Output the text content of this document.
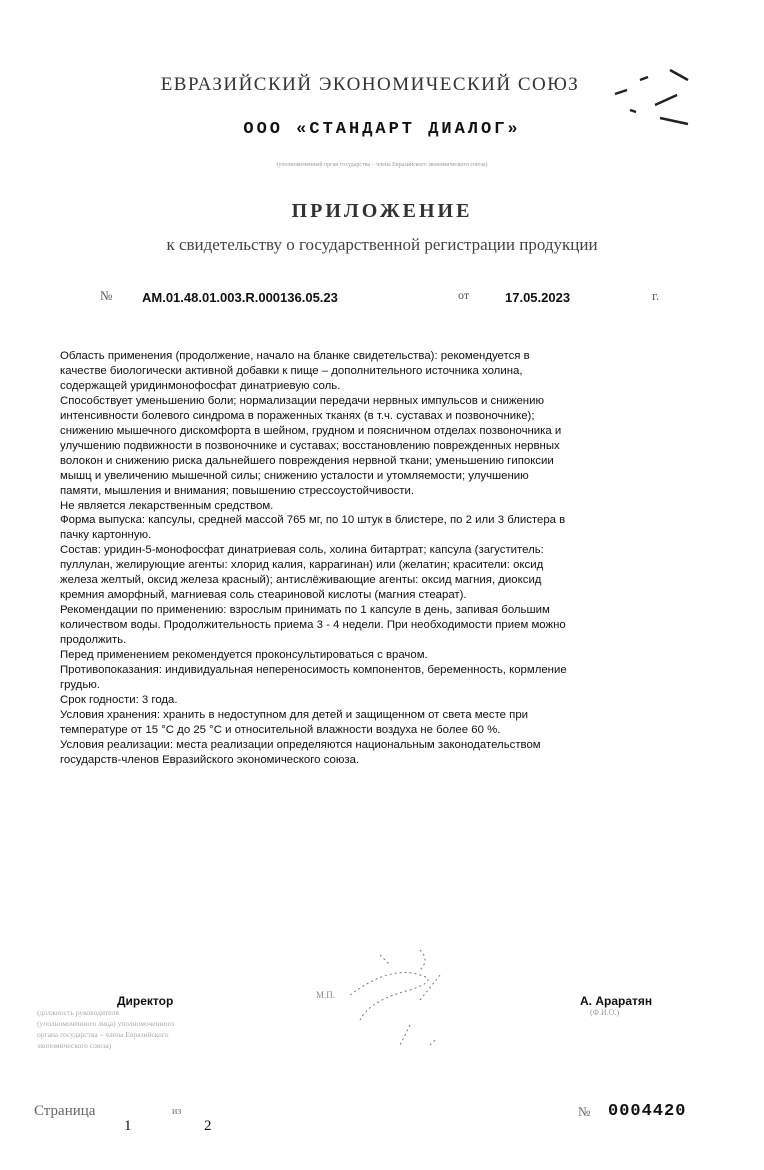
ЕВРАЗИЙСКИЙ ЭКОНОМИЧЕСКИЙ СОЮЗ
ООО «СТАНДАРТ ДИАЛОГ»
(уполномоченный орган государства – члена Евразийского экономического союза)
ПРИЛОЖЕНИЕ
к свидетельству о государственной регистрации продукции
№ AM.01.48.01.003.R.000136.05.23	от	17.05.2023	г.
Область применения (продолжение, начало на бланке свидетельства): рекомендуется в
качестве биологически активной добавки к пище – дополнительного источника холина,
содержащей уридинмонофосфат динатриевую соль.
Способствует уменьшению боли; нормализации передачи нервных импульсов и снижению
интенсивности болевого синдрома в пораженных тканях (в т.ч. суставах и позвоночнике);
снижению мышечного дискомфорта в шейном, грудном и поясничном отделах позвоночника и
улучшению подвижности в позвоночнике и суставах; восстановлению поврежденных нервных
волокон и снижению риска дальнейшего повреждения нервной ткани; уменьшению гипоксии
мышц и увеличению мышечной силы; снижению усталости и утомляемости; улучшению
памяти, мышления и внимания; повышению стрессоустойчивости.
Не является лекарственным средством.
Форма выпуска: капсулы, средней массой 765 мг, по 10 штук в блистере, по 2 или 3 блистера в
пачку картонную.
Состав: уридин-5-монофосфат динатриевая соль, холина битартрат; капсула (загуститель:
пуллулан, желирующие агенты: хлорид калия, каррагинан) или (желатин; красители: оксид
железа желтый, оксид железа красный); антислёживающие агенты: оксид магния, диоксид
кремния аморфный, магниевая соль стеариновой кислоты (магния стеарат).
Рекомендации по применению: взрослым принимать по 1 капсуле в день, запивая большим
количеством воды. Продолжительность приема 3 - 4 недели. При необходимости прием можно
продолжить.
Перед применением рекомендуется проконсультироваться с врачом.
Противопоказания: индивидуальная непереносимость компонентов, беременность, кормление
грудью.
Срок годности: 3 года.
Условия хранения: хранить в недоступном для детей и защищенном от света месте при
температуре от 15 °C до 25 °C и относительной влажности воздуха не более 60 %.
Условия реализации: места реализации определяются национальным законодательством
государств-членов Евразийского экономического союза.
Директор
(должность руководителя
(уполномоченного лица) уполномоченного
органа государства – члена Евразийского
экономического союза)
М.П.	А. Араратян
(Ф.И.О.)
Страница
1
из
2
№ 0004420
